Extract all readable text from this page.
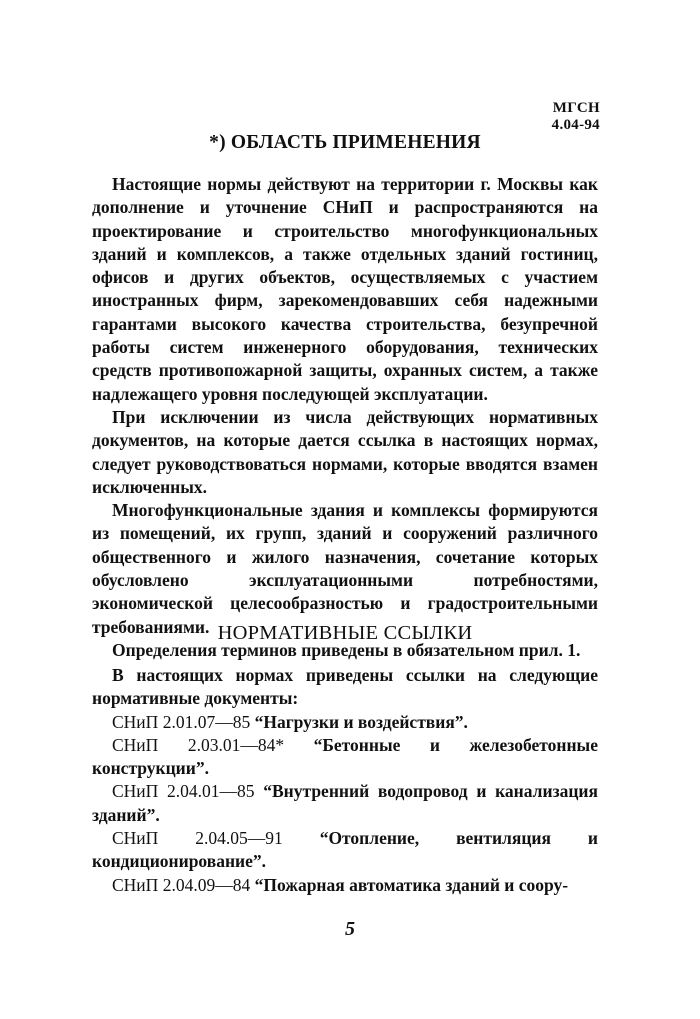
МГСН 4.04-94
*) ОБЛАСТЬ ПРИМЕНЕНИЯ

Настоящие нормы действуют на территории г. Москвы как дополнение и уточнение СНиП и распространяются на проектирование и строительство многофункциональных зданий и комплексов, а также отдельных зданий гостиниц, офисов и других объектов, осуществляемых с участием иностранных фирм, зарекомендовавших себя надежными гарантами высокого качества строительства, безупречной работы систем инженерного оборудования, технических средств противопожарной защиты, охранных систем, а также надлежащего уровня последующей эксплуатации.

При исключении из числа действующих нормативных документов, на которые дается ссылка в настоящих нормах, следует руководствоваться нормами, которые вводятся взамен исключенных.

Многофункциональные здания и комплексы формируются из помещений, их групп, зданий и сооружений различного общественного и жилого назначения, сочетание которых обусловлено эксплуатационными потребностями, экономической целесообразностью и градостроительными требованиями.

Определения терминов приведены в обязательном прил. 1.

НОРМАТИВНЫЕ ССЫЛКИ

В настоящих нормах приведены ссылки на следующие нормативные документы:

СНиП 2.01.07—85 “Нагрузки и воздействия”.

СНиП 2.03.01—84* “Бетонные и железобетонные конструкции”.

СНиП 2.04.01—85 “Внутренний водопровод и канализация зданий”.

СНиП 2.04.05—91 “Отопление, вентиляция и кондиционирование”.

СНиП 2.04.09—84 “Пожарная автоматика зданий и соору-

5
